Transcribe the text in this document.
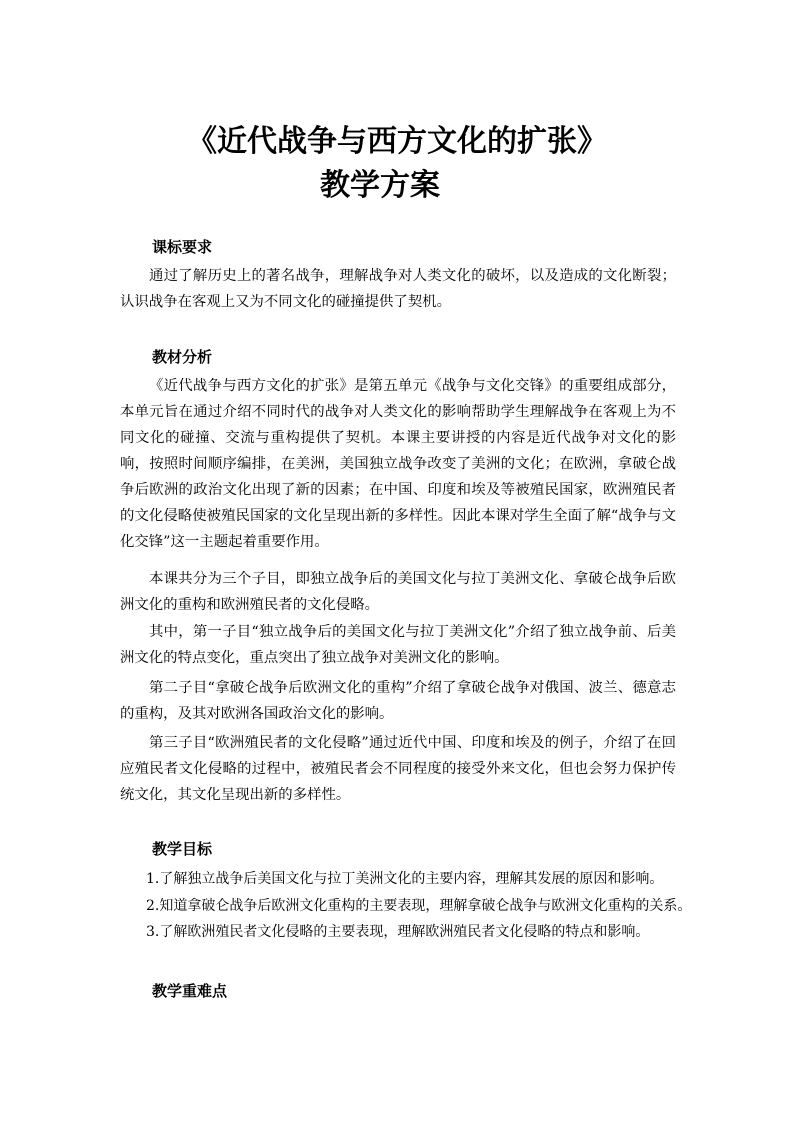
《近代战争与西方文化的扩张》
教学方案
课标要求

通过了解历史上的著名战争，理解战争对人类文化的破坏，以及造成的文化断裂；认识战争在客观上又为不同文化的碰撞提供了契机。

教材分析

《近代战争与西方文化的扩张》是第五单元《战争与文化交锋》的重要组成部分，本单元旨在通过介绍不同时代的战争对人类文化的影响帮助学生理解战争在客观上为不同文化的碰撞、交流与重构提供了契机。本课主要讲授的内容是近代战争对文化的影响，按照时间顺序编排，在美洲，美国独立战争改变了美洲的文化；在欧洲，拿破仑战争后欧洲的政治文化出现了新的因素；在中国、印度和埃及等被殖民国家，欧洲殖民者的文化侵略使被殖民国家的文化呈现出新的多样性。因此本课对学生全面了解“战争与文化交锋”这一主题起着重要作用。

本课共分为三个子目，即独立战争后的美国文化与拉丁美洲文化、拿破仑战争后欧洲文化的重构和欧洲殖民者的文化侵略。

其中，第一子目“独立战争后的美国文化与拉丁美洲文化”介绍了独立战争前、后美洲文化的特点变化，重点突出了独立战争对美洲文化的影响。

第二子目“拿破仑战争后欧洲文化的重构”介绍了拿破仑战争对俄国、波兰、德意志的重构，及其对欧洲各国政治文化的影响。

第三子目“欧洲殖民者的文化侵略”通过近代中国、印度和埃及的例子，介绍了在回应殖民者文化侵略的过程中，被殖民者会不同程度的接受外来文化，但也会努力保护传统文化，其文化呈现出新的多样性。

教学目标
1.了解独立战争后美国文化与拉丁美洲文化的主要内容，理解其发展的原因和影响。
2.知道拿破仑战争后欧洲文化重构的主要表现，理解拿破仑战争与欧洲文化重构的关系。
3.了解欧洲殖民者文化侵略的主要表现，理解欧洲殖民者文化侵略的特点和影响。
教学重难点
